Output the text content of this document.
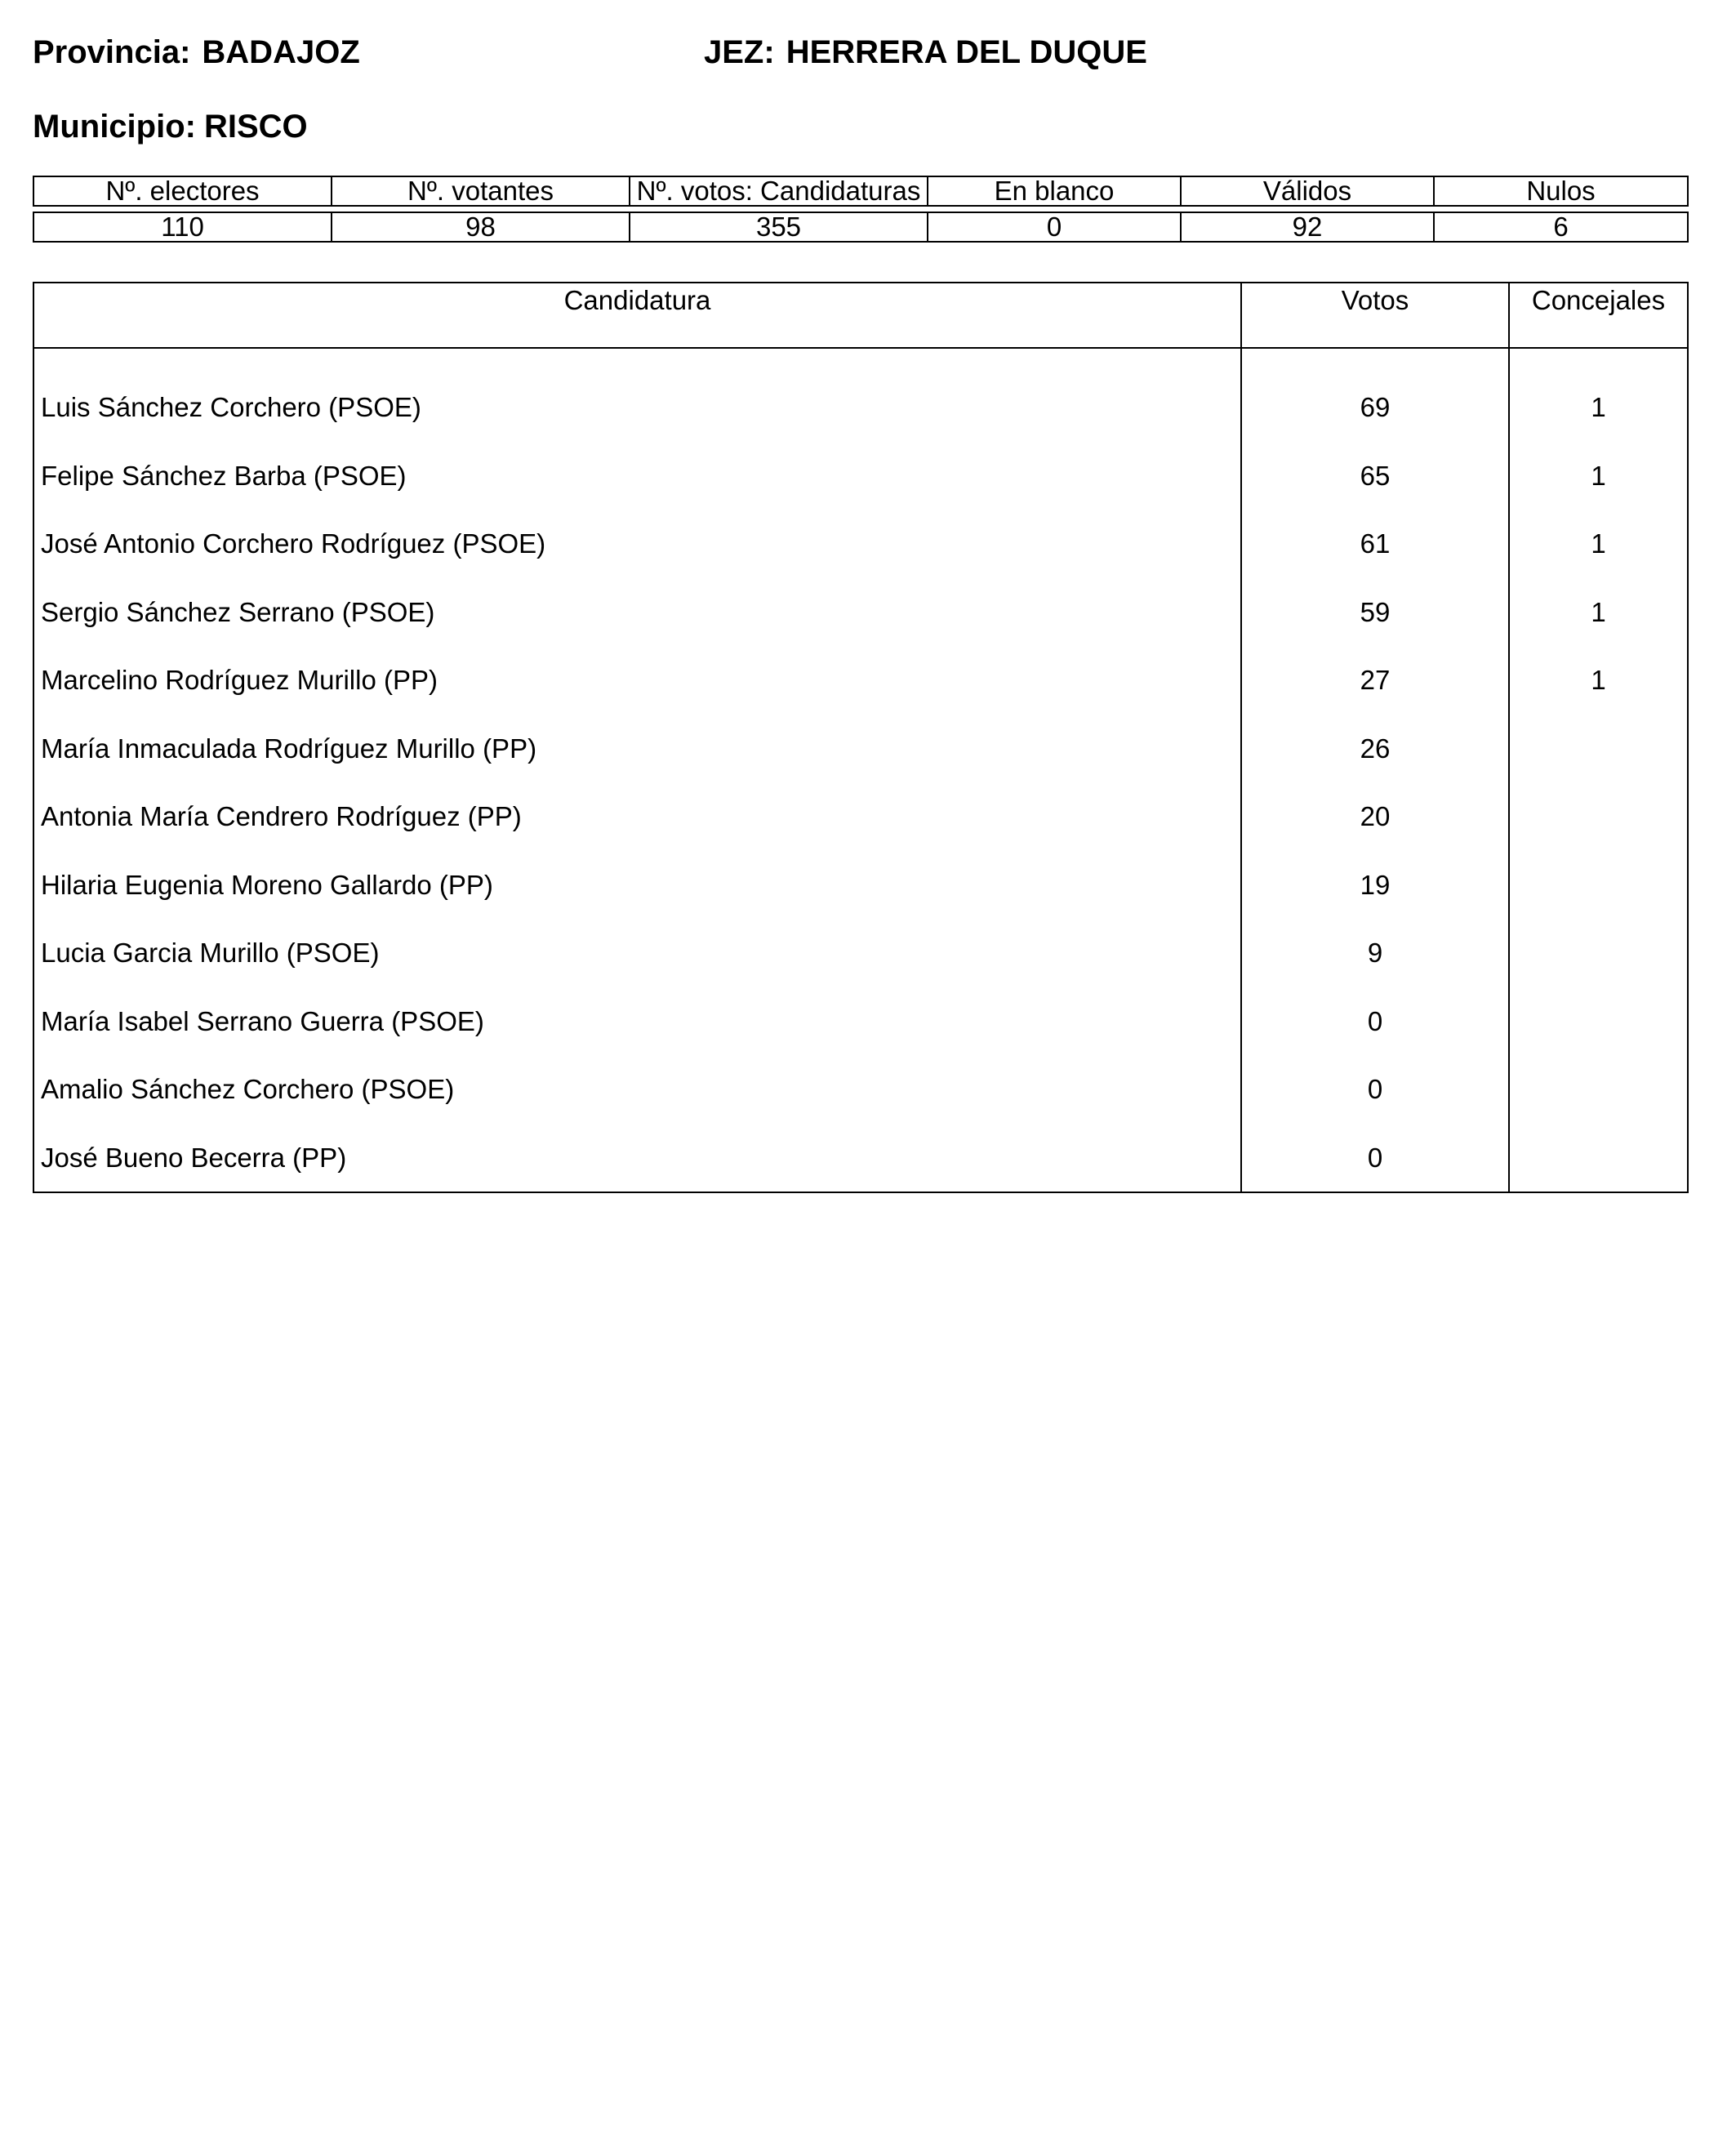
Provincia: BADAJOZ	JEZ: HERRERA DEL DUQUE
Municipio: RISCO
Nº. electores	Nº. votantes	Nº. votos: Candidaturas	En blanco	Válidos	Nulos

110	98	355	0	92	6
Candidatura	Votos	Concejales
Luis Sánchez Corchero (PSOE)	69	1
Felipe Sánchez Barba (PSOE)	65	1
José Antonio Corchero Rodríguez (PSOE)	61	1
Sergio Sánchez Serrano (PSOE)	59	1
Marcelino Rodríguez Murillo (PP)	27	1
María Inmaculada Rodríguez Murillo (PP)	26	
Antonia María Cendrero Rodríguez (PP)	20	
Hilaria Eugenia Moreno Gallardo (PP)	19	
Lucia Garcia Murillo (PSOE)	9	
María Isabel Serrano Guerra (PSOE)	0	
Amalio Sánchez Corchero (PSOE)	0	
José Bueno Becerra (PP)	0	
